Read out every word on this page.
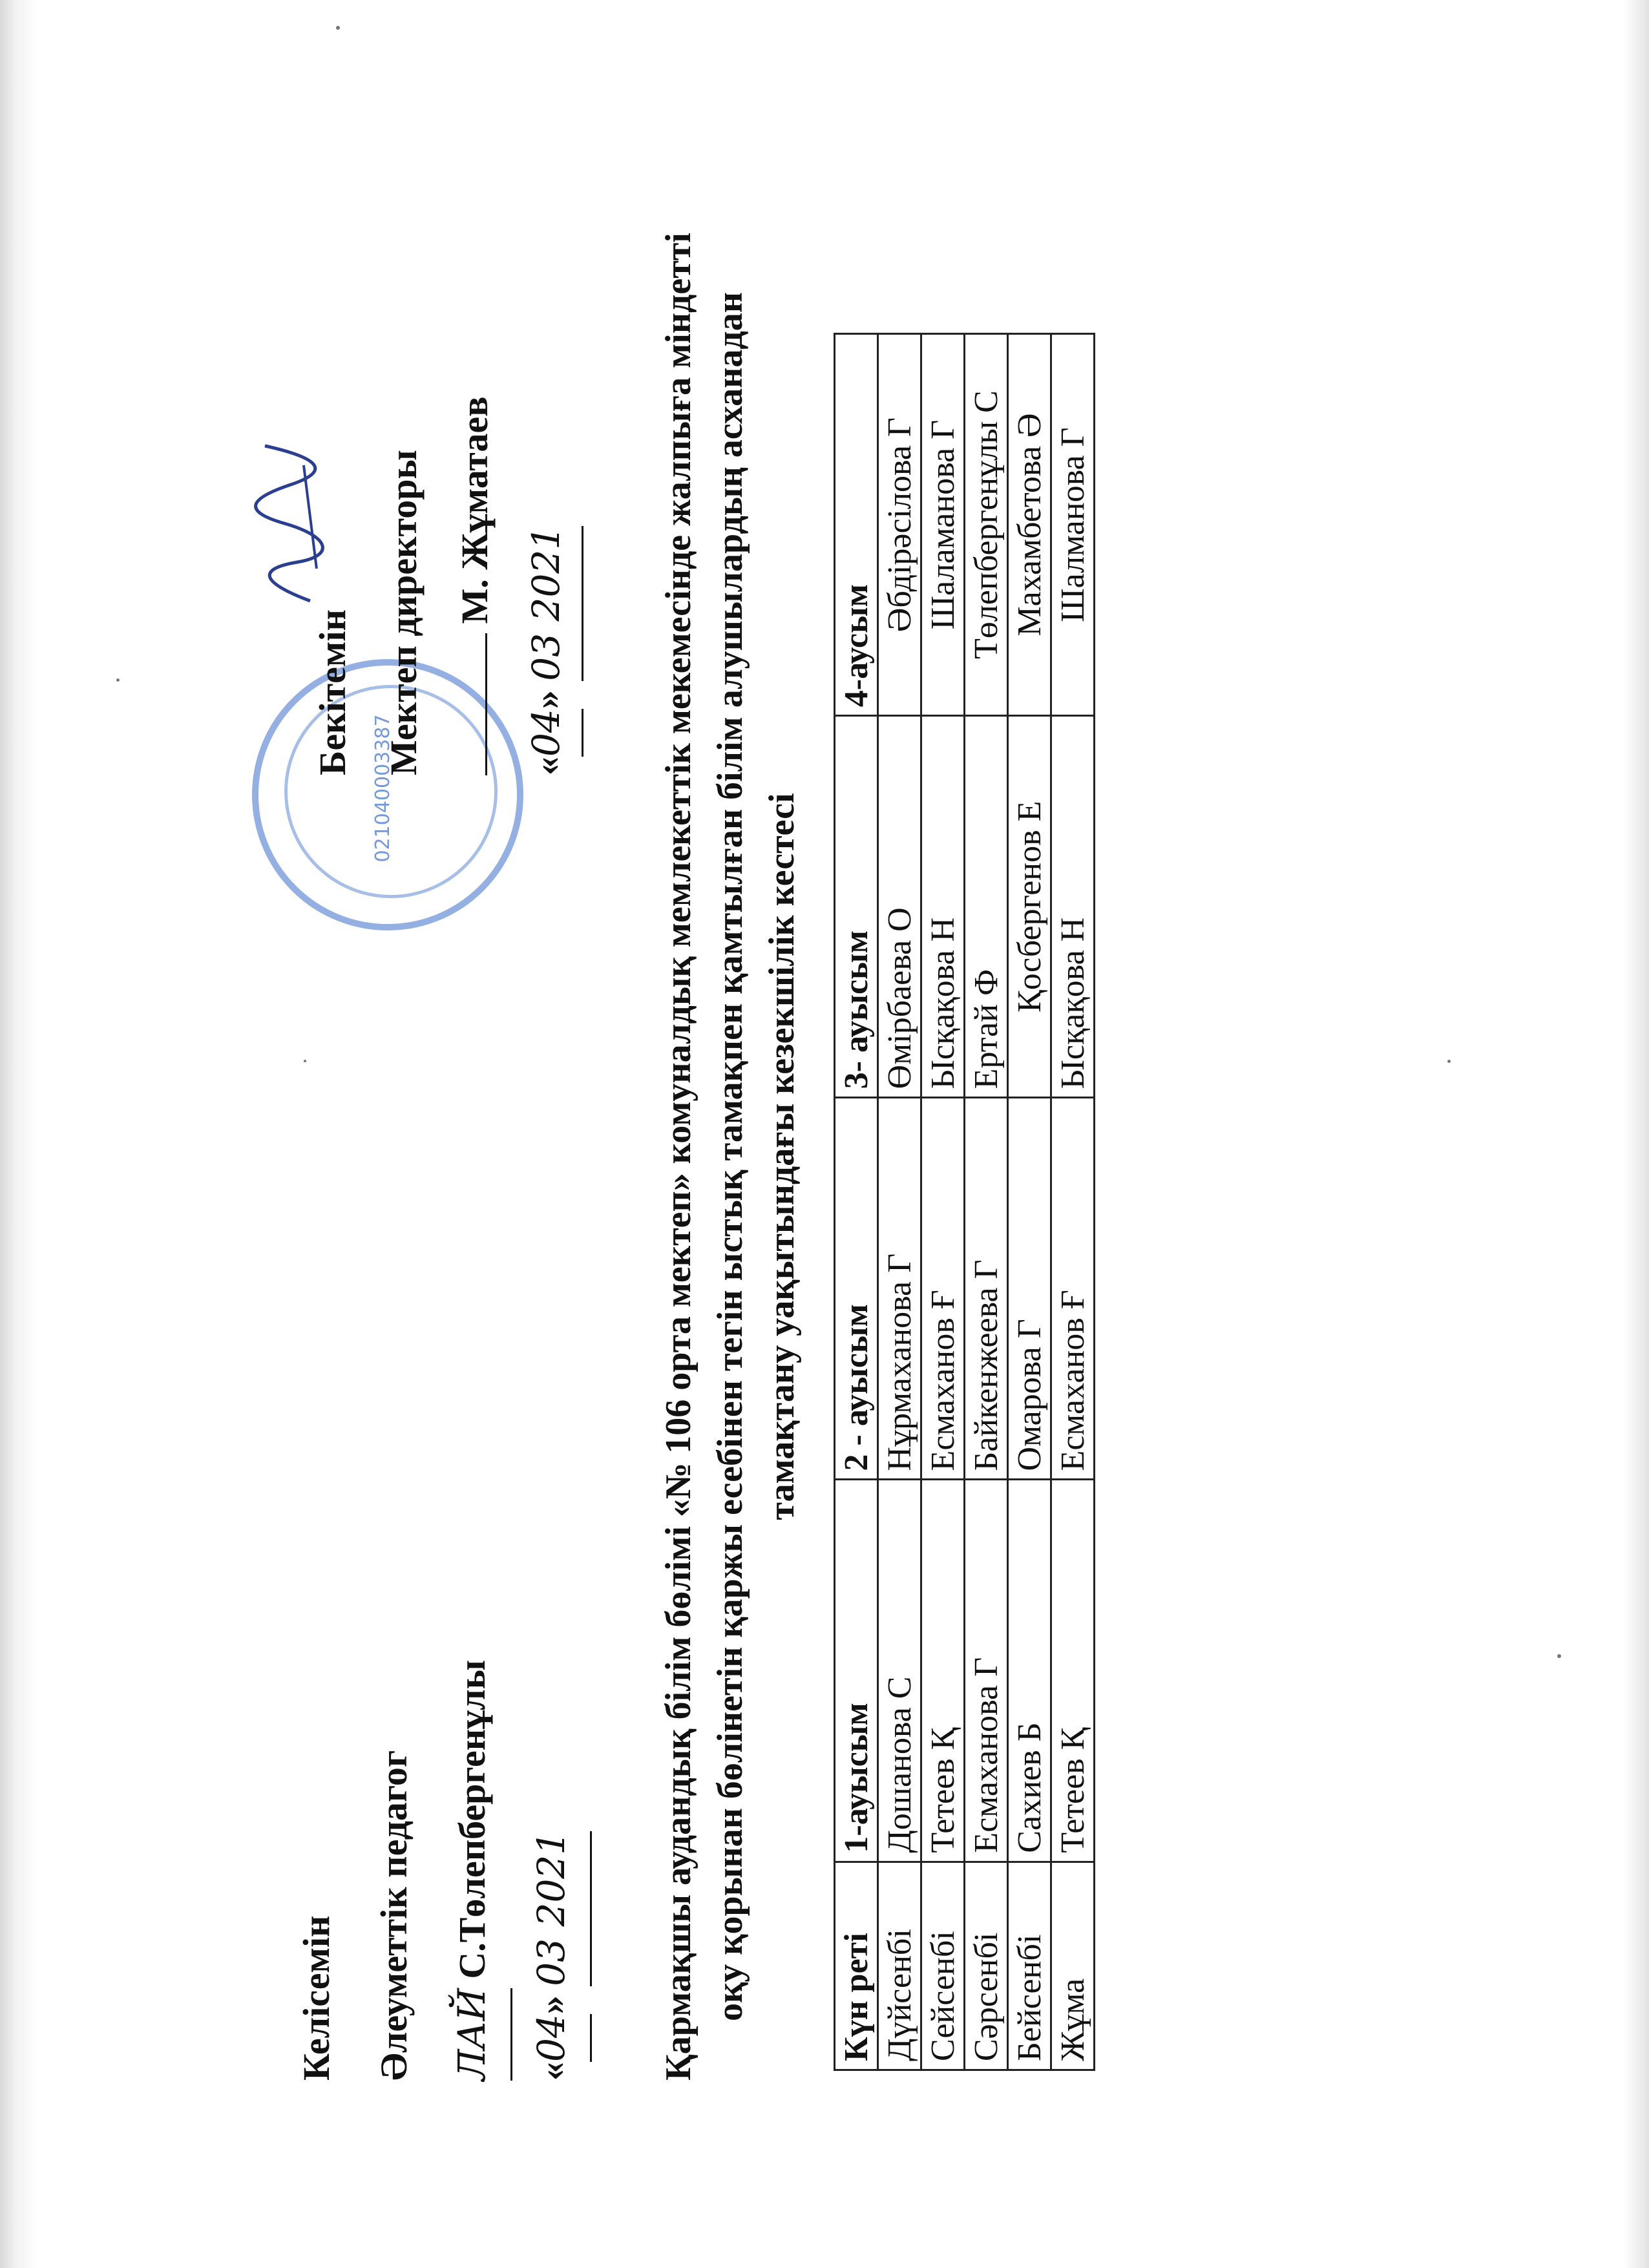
Келісемін Әлеуметтік педагог ЛАЙ С.Төлепбергенұлы
«04» 03 2021
021040003387
Бекітемін Мектеп директоры М. Жұматаев
«04» 03 2021	Қармақшы аудандық білім бөлімі «№ 106 орта мектеп» комуналдық мемлекеттік мекемесінде жалпыға міндетті оқу қорынан бөлінетін қаржы есебінен тегін ыстық тамақпен қамтылған білім алушылардың асханадан тамақтану уақытындағы кезекшілік кестесі
Күн реті	1-ауысым	2 - ауысым	3- ауысым	4-аусым
Дүйсенбі	Дошанова С	Нұрмаханова Г	Өмірбаева О	Әбдірәсілова Г
Сейсенбі	Тетеев Қ	Есмаханов Ғ	Ысқақова Н	Шаламанова Г
Сәрсенбі	Есмаханова Г	Байкенжеева Г	Ертай Ф	Төлепбергенұлы С
Бейсенбі	Сахиев Б	Омарова Г	Қосбергенов Е	Махамбетова Ә
Жұма	Тетеев Қ	Есмаханов Ғ	Ысқақова Н	Шалманова Г
